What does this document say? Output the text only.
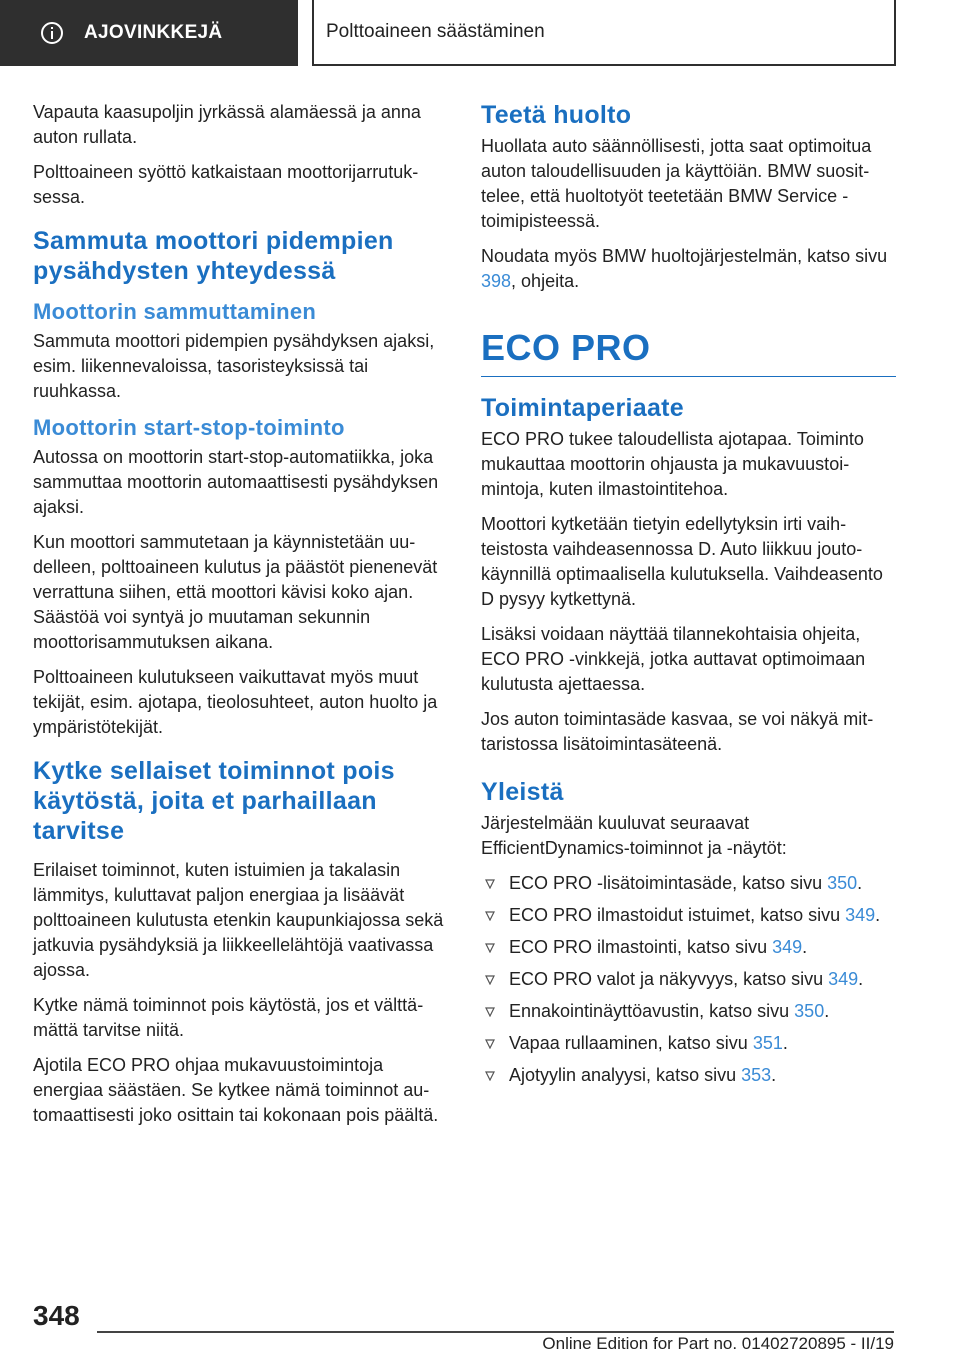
AJOVINKKEJÄ	Polttoaineen säästäminen

Vapauta kaasupoljin jyrkässä alamäessä ja anna auton rullata.

Polttoaineen syöttö katkaistaan moottorijarrutuksessa.

Sammuta moottori pidempien pysähdysten yhteydessä
Moottorin sammuttaminen

Sammuta moottori pidempien pysähdyksen ajaksi, esim. liikennevaloissa, tasoristeyksissä tai ruuhkassa.

Moottorin start-stop-toiminto

Autossa on moottorin start-stop-automatiikka, joka sammuttaa moottorin automaattisesti pysähdyksen ajaksi.

Kun moottori sammutetaan ja käynnistetään uudelleen, polttoaineen kulutus ja päästöt pienenevät verrattuna siihen, että moottori kävisi koko ajan. Säästöä voi syntyä jo muutaman sekunnin moottorisammutuksen aikana.

Polttoaineen kulutukseen vaikuttavat myös muut tekijät, esim. ajotapa, tieolosuhteet, auton huolto ja ympäristötekijät.

Kytke sellaiset toiminnot pois käytöstä, joita et parhaillaan tarvitse

Erilaiset toiminnot, kuten istuimien ja takalasin lämmitys, kuluttavat paljon energiaa ja lisäävät polttoaineen kulutusta etenkin kaupunkiajossa sekä jatkuvia pysähdyksiä ja liikkeellelähtöjä vaativassa ajossa.

Kytke nämä toiminnot pois käytöstä, jos et välttämättä tarvitse niitä.

Ajotila ECO PRO ohjaa mukavuustoimintoja energiaa säästäen. Se kytkee nämä toiminnot automaattisesti joko osittain tai kokonaan pois päältä.

Teetä huolto

Huollata auto säännöllisesti, jotta saat optimoitua auton taloudellisuuden ja käyttöiän. BMW suosittelee, että huoltotyöt teetetään BMW Service -toimipisteessä.

Noudata myös BMW huoltojärjestelmän, katso sivu 398, ohjeita.

ECO PRO
Toimintaperiaate

ECO PRO tukee taloudellista ajotapaa. Toiminto mukauttaa moottorin ohjausta ja mukavuustoimintoja, kuten ilmastointitehoa.

Moottori kytketään tietyin edellytyksin irti vaihteistosta vaihdeasennossa D. Auto liikkuu joutokäynnillä optimaalisella kulutuksella. Vaihdeasento D pysyy kytkettynä.

Lisäksi voidaan näyttää tilannekohtaisia ohjeita, ECO PRO -vinkkejä, jotka auttavat optimoimaan kulutusta ajettaessa.

Jos auton toimintasäde kasvaa, se voi näkyä mittaristossa lisätoimintasäteenä.

Yleistä

Järjestelmään kuuluvat seuraavat EfficientDynamics-toiminnot ja -näytöt:

ECO PRO -lisätoimintasäde, katso sivu 350.
ECO PRO ilmastoidut istuimet, katso sivu 349.
ECO PRO ilmastointi, katso sivu 349.
ECO PRO valot ja näkyvyys, katso sivu 349.
Ennakointinäyttöavustin, katso sivu 350.
Vapaa rullaaminen, katso sivu 351.
Ajotyylin analyysi, katso sivu 353.
348
Online Edition for Part no. 01402720895 - II/19
